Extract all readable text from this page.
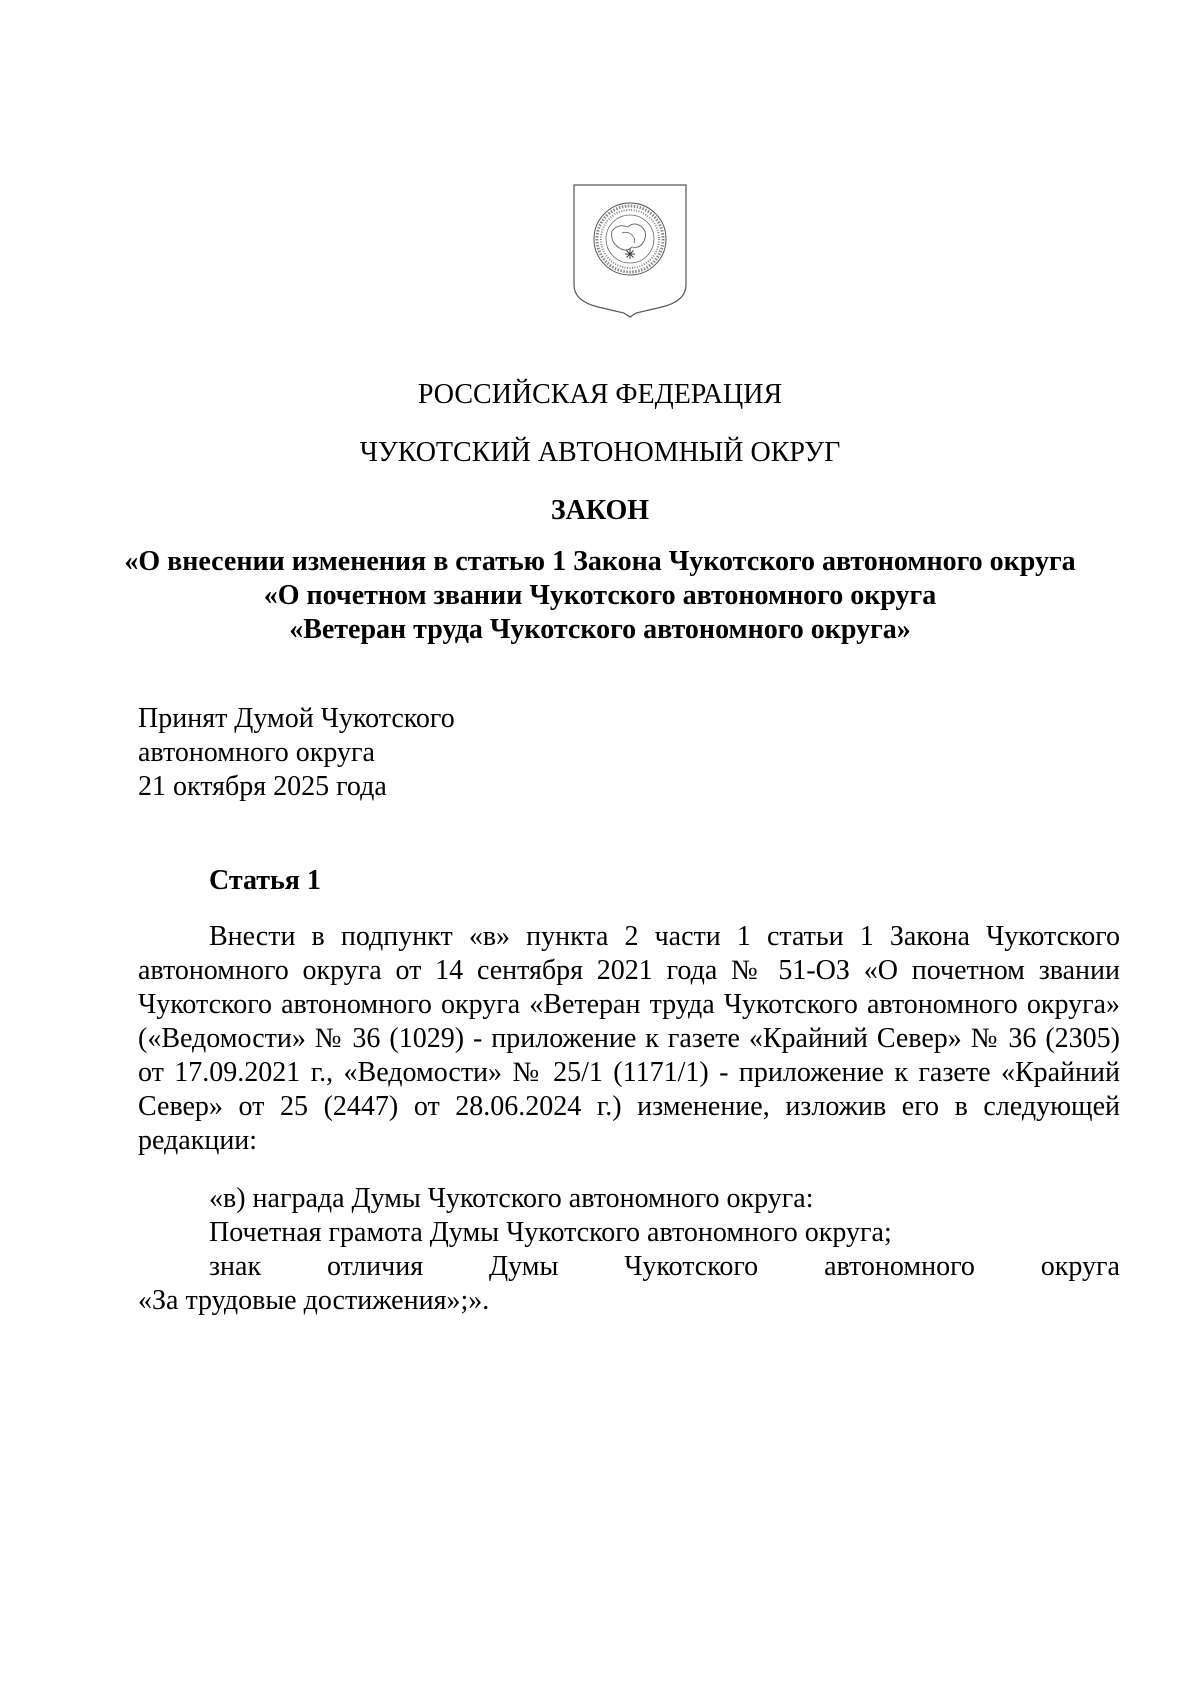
РОССИЙСКАЯ ФЕДЕРАЦИЯ
ЧУКОТСКИЙ АВТОНОМНЫЙ ОКРУГ
ЗАКОН
«О внесении изменения в статью 1 Закона Чукотского автономного округа
«О почетном звании Чукотского автономного округа
«Ветеран труда Чукотского автономного округа»
Принят Думой Чукотского
автономного округа
21 октября 2025 года
Статья 1

Внести в подпункт «в» пункта 2 части 1 статьи 1 Закона Чукотского автономного округа от 14 сентября 2021 года № 51-ОЗ «О почетном звании Чукотского автономного округа «Ветеран труда Чукотского автономного округа» («Ведомости» № 36 (1029) - приложение к газете «Крайний Север» № 36 (2305) от 17.09.2021 г., «Ведомости» № 25/1 (1171/1) - приложение к газете «Крайний Север» от 25 (2447) от 28.06.2024 г.) изменение, изложив его в следующей редакции:

«в) награда Думы Чукотского автономного округа:
Почетная грамота Думы Чукотского автономного округа;
знак отличия Думы Чукотского автономного округа
«За трудовые достижения»;».
